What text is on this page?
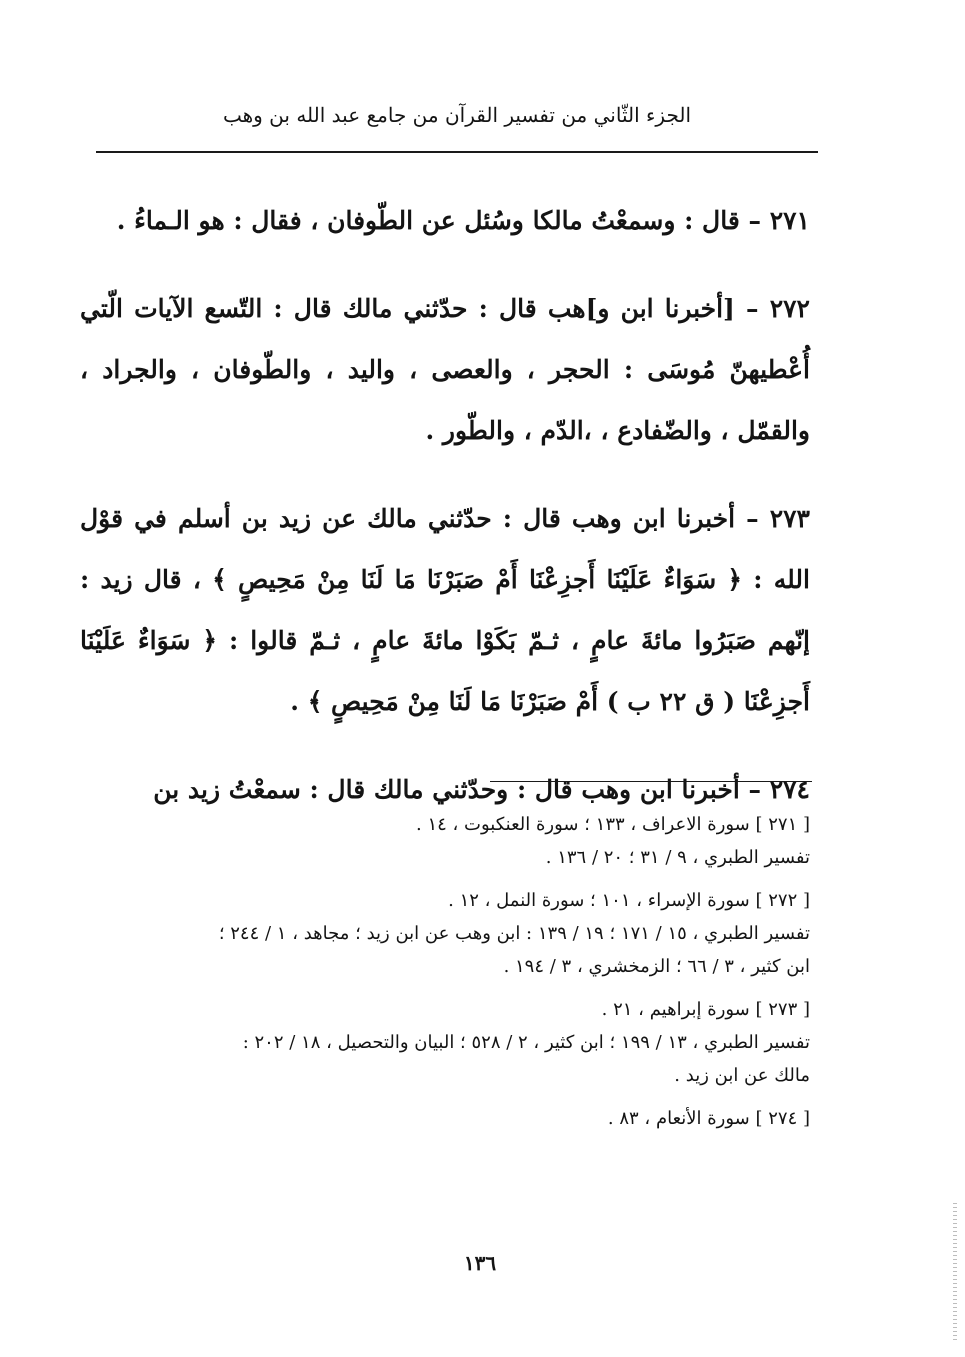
الجزء الثّاني من تفسير القرآن من جامع عبد الله بن وهب

٢٧١ – قال : وسمعْتُ مالكا وسُئل عن الطّوفان ، فقال : هو الـماءُ .

٢٧٢ – [أخبرنا ابن و]هب قال : حدّثني مالك قال : التّسع الآيات الّتي أُعْطيهنّ مُوسَى : الحجر ، والعصى ، واليد ، والطّوفان ، والجراد ، والقمّل ، والضّفادع ، ،الدّم ، والطّور .

٢٧٣ – أخبرنا ابن وهب قال : حدّثني مالك عن زيد بن أسلم في قوْل الله : ﴿ سَوَاءٌ عَلَيْنَا أَجزِعْنَا أَمْ صَبَرْنَا مَا لَنَا مِنْ مَحِيصٍ ﴾ ، قال زيد : إنّهم صَبَرُوا مائةَ عامٍ ، ثـمّ بَكَوْا مائةَ عامٍ ، ثـمّ قالوا : ﴿ سَوَاءٌ عَلَيْنَا أَجزِعْنَا ( ق ٢٢ ب ) أَمْ صَبَرْنَا مَا لَنَا مِنْ مَحِيصٍ ﴾ .

٢٧٤ – أخبرنا ابن وهب قال : وحدّثني مالك قال : سمعْتُ زيد بن

[ ٢٧١ ] سورة الاعراف ، ١٣٣ ؛ سورة العنكبوت ، ١٤ .
تفسير الطبري ، ٩ / ٣١ ؛ ٢٠ / ١٣٦ .
[ ٢٧٢ ] سورة الإسراء ، ١٠١ ؛ سورة النمل ، ١٢ .
تفسير الطبري ، ١٥ / ١٧١ ؛ ١٩ / ١٣٩ : ابن وهب عن ابن زيد ؛ مجاهد ، ١ / ٢٤٤ ؛
ابن كثير ، ٣ / ٦٦ ؛ الزمخشري ، ٣ / ١٩٤ .
[ ٢٧٣ ] سورة إبراهيم ، ٢١ .
تفسير الطبري ، ١٣ / ١٩٩ ؛ ابن كثير ، ٢ / ٥٢٨ ؛ البيان والتحصيل ، ١٨ / ٢٠٢ :
مالك عن ابن زيد .
[ ٢٧٤ ] سورة الأنعام ، ٨٣ .
١٣٦
